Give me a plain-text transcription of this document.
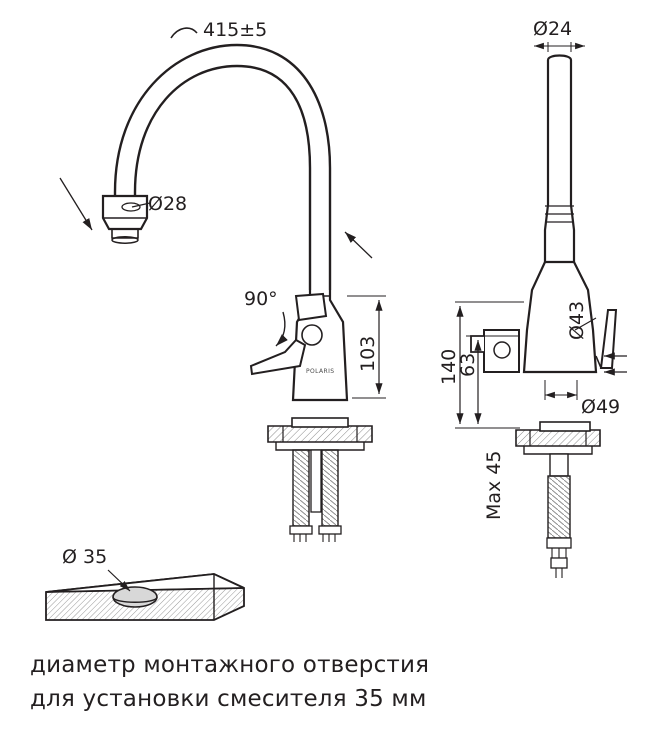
415±5
Ø28
POLARIS
90°
103
Ø24
Ø43
Ø49
140
63
Max 45
Ø 35
диаметр монтажного отверстия
для установки смесителя 35 мм
